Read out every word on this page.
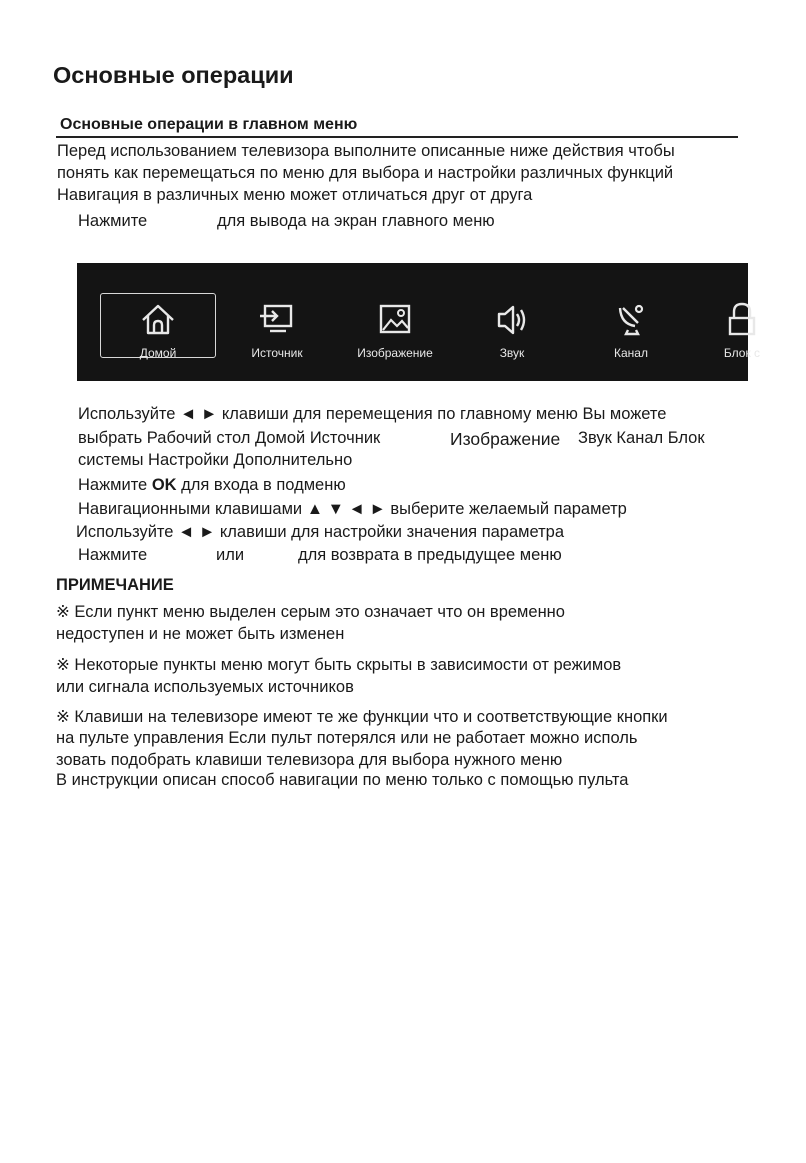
Основные операции
Основные операции в главном меню
Перед использованием телевизора выполните описанные ниже действия чтобы
понять как перемещаться по меню для выбора и настройки различных функций
Навигация в различных меню может отличаться друг от друга
Нажмите	для вывода на экран главного меню
Домой	Источник	Изображение	Звук	Канал	Блок с
Используйте ◄ ► клавиши для перемещения по главному меню Вы можете
выбрать Рабочий стол Домой Источник	Изображение Звук Канал Блок
системы Настройки Дополнительно
Нажмите OK для входа в подменю
Навигационными клавишами ▲ ▼ ◄ ► выберите желаемый параметр
Используйте ◄ ► клавиши для настройки значения параметра
Нажмите	или	для возврата в предыдущее меню
ПРИМЕЧАНИЕ
※ Если пункт меню выделен серым это означает что он временно
недоступен и не может быть изменен
※ Некоторые пункты меню могут быть скрыты в зависимости от режимов
или сигнала используемых источников
※ Клавиши на телевизоре имеют те же функции что и соответствующие кнопки
на пульте управления Если пульт потерялся или не работает можно исполь
зовать подобрать клавиши телевизора для выбора нужного меню
В инструкции описан способ навигации по меню только с помощью пульта
